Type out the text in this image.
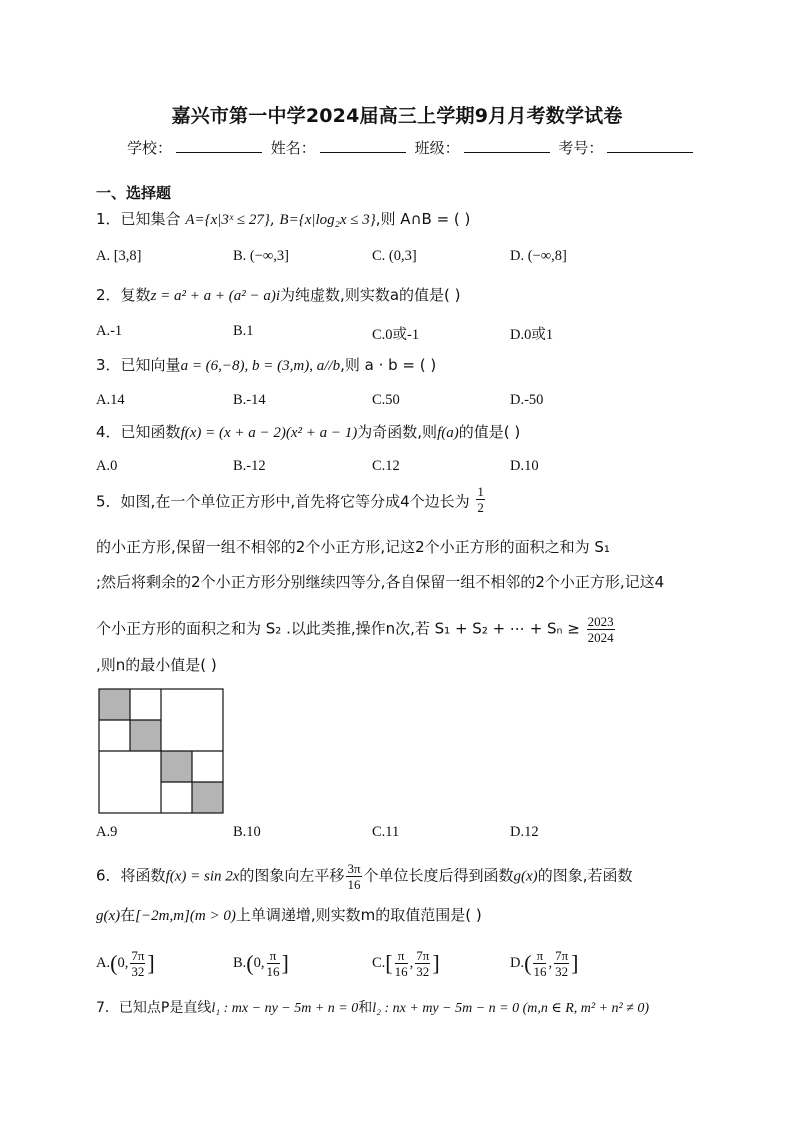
嘉兴市第一中学2024届高三上学期9月月考数学试卷
学校：	姓名：	班级：	考号：
一、选择题
1．已知集合 A={x|3ˣ ≤ 27}, B={x|log₂x ≤ 3},则 A∩B = ( )
A. [3,8]	B. (−∞,3]	C. (0,3]	D. (−∞,8]
2．复数z = a² + a + (a² − a)i为纯虚数,则实数a的值是( )
A.-1	B.1	C.0或-1	D.0或1
3．已知向量a = (6,−8), b = (3,m), a//b,则 a · b = ( )
A.14	B.-14	C.50	D.-50
4．已知函数f(x) = (x + a − 2)(x² + a − 1)为奇函数,则f(a)的值是( )
A.0	B.-12	C.12	D.10
5．如图,在一个单位正方形中,首先将它等分成4个边长为 $\frac{1}{2}$
的小正方形,保留一组不相邻的2个小正方形,记这2个小正方形的面积之和为 S₁
;然后将剩余的2个小正方形分别继续四等分,各自保留一组不相邻的2个小正方形,记这4
个小正方形的面积之和为 S₂ .以此类推,操作n次,若 S₁ + S₂ + ⋯ + $S_n \ge \frac{2023}{2024}$
,则n的最小值是( )
A.9	B.10	C.11	D.12
6．将函数f(x) = sin 2x的图象向左平移 $\frac{3\pi}{16}$ 个单位长度后得到函数g(x)的图象,若函数
g(x)在[−2m,m](m > 0)上单调递增,则实数m的取值范围是( )
A.(0, $\frac{7\pi}{32}$ ]	B.(0, $\frac{\pi}{16}$ ]	$C.[ \frac{\pi}{16}$ , $\frac{7\pi}{32}$ ]	$D.( \frac{\pi}{16}$ , $\frac{7\pi}{32}$ ]
7．已知点P是直线l₁ : mx − ny − 5m + n = 0和l₂ : nx + my − 5m − n = 0 (m,n ∈ R, m² + n² ≠ 0)
